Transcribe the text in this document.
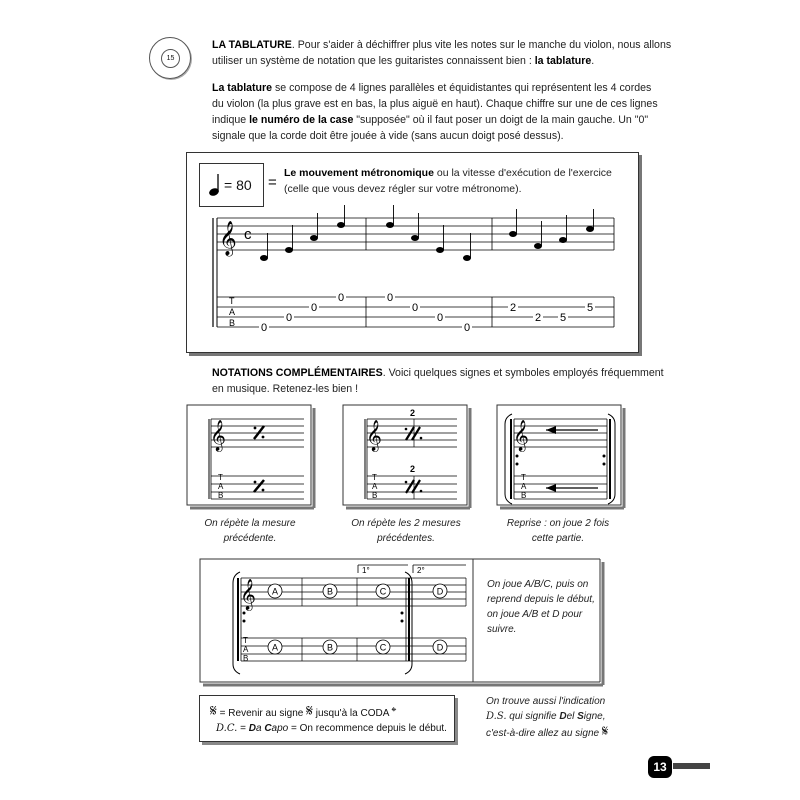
15
LA TABLATURE. Pour s'aider à déchiffrer plus vite les notes sur le manche du violon, nous allons
utiliser un système de notation que les guitaristes connaissent bien : la tablature.
La tablature se compose de 4 lignes parallèles et équidistantes qui représentent les 4 cordes
du violon (la plus grave est en bas, la plus aiguë en haut). Chaque chiffre sur une de ces lignes
indique le numéro de la case "supposée" où il faut poser un doigt de la main gauche. Un "0"
signale que la corde doit être jouée à vide (sans aucun doigt posé dessus).
= 80 =
Le mouvement métronomique ou la vitesse d'exécution de l'exercice
(celle que vous devez régler sur votre métronome).
𝄞 c
T
A
B 0
0
0
0	0
0
0
0
2
2 5
5
𝄞
T
A
B
𝄞
2
2
T
A
B
𝄞
T
A
B
𝄞
1°	2°
A
A
B
B
C
C
D
D
T
A
B
NOTATIONS COMPLÉMENTAIRES. Voici quelques signes et symboles employés fréquemment
en musique. Retenez-les bien !
On répète la mesure
précédente.
On répète les 2 mesures
précédentes.
Reprise : on joue 2 fois
cette partie.
On joue A/B/C, puis on
reprend depuis le début,
on joue A/B et D pour
suivre.
𝄋 = Revenir au signe 𝄋 jusqu'à la CODA 𝄌
D.C. = Da Capo = On recommence depuis le début.
On trouve aussi l'indication
D.S. qui signifie Del Signe,
c'est-à-dire allez au signe 𝄋
13
